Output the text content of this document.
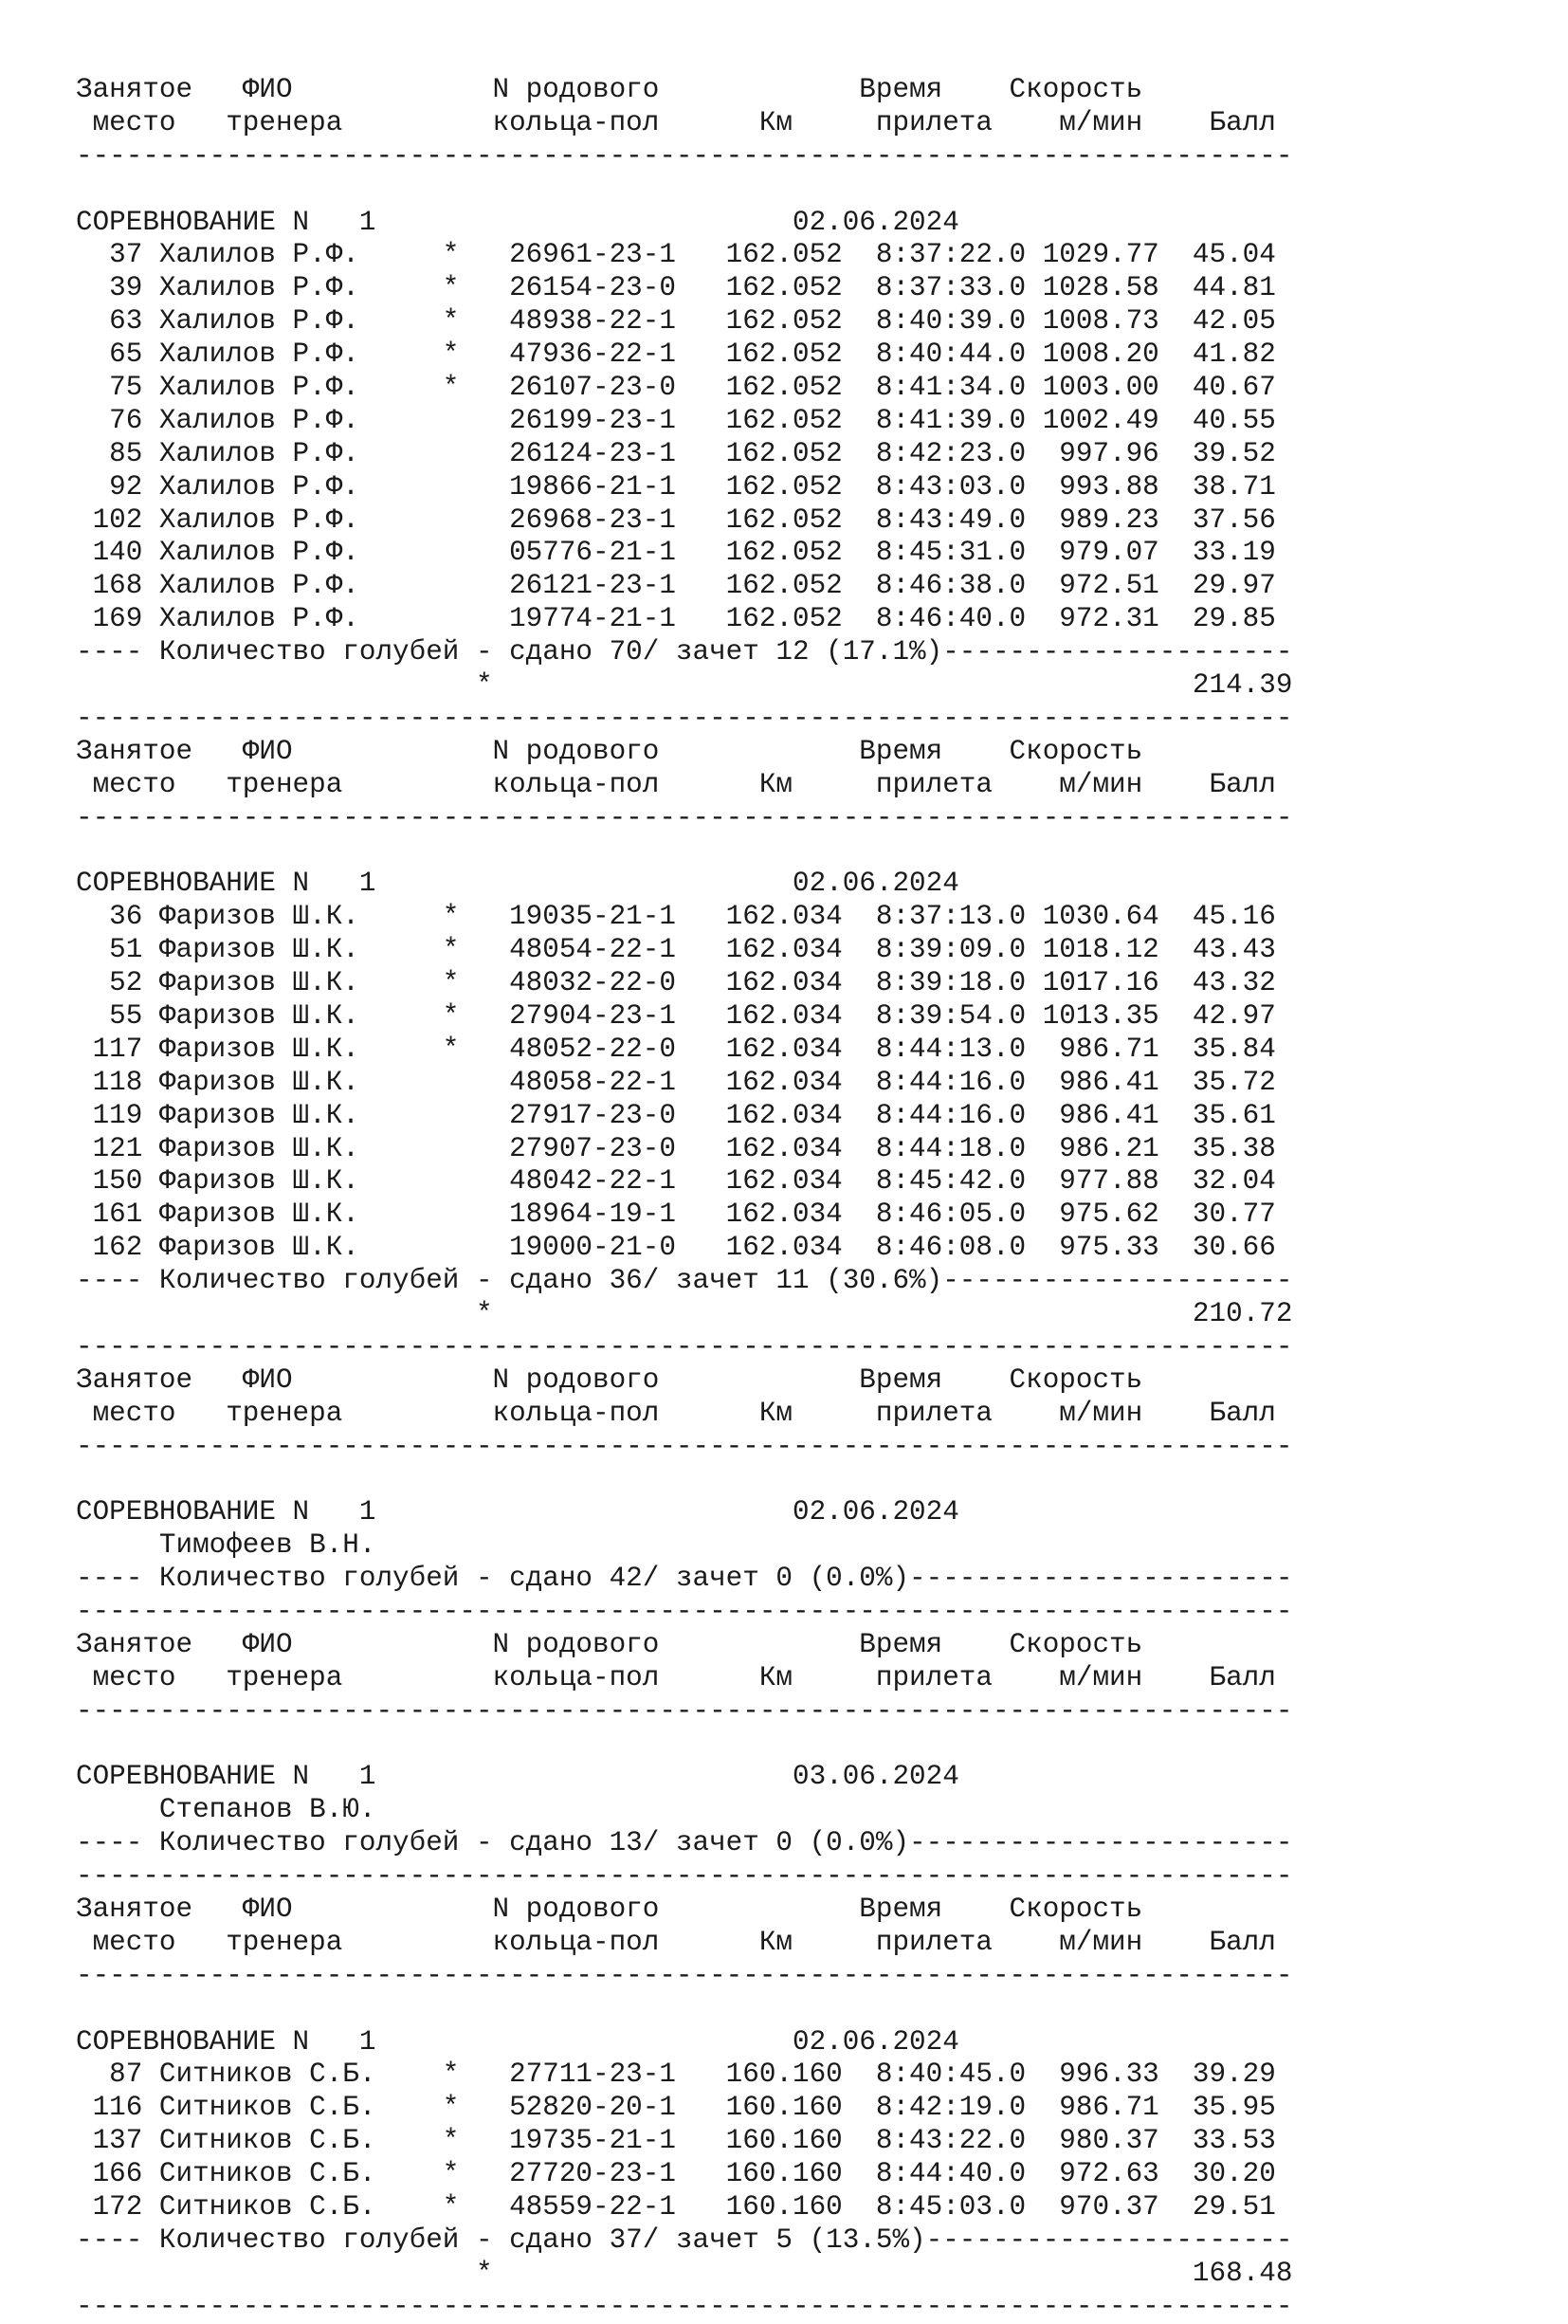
Занятое   ФИО            N родового            Время    Скорость
место   тренера         кольца-пол      Км     прилета    м/мин    Балл
-------------------------------------------------------------------------
СОРЕВНОВАНИЕ N   1                         02.06.2024
37 Халилов Р.Ф.     *   26961-23-1   162.052  8:37:22.0 1029.77  45.04
39 Халилов Р.Ф.     *   26154-23-0   162.052  8:37:33.0 1028.58  44.81
63 Халилов Р.Ф.     *   48938-22-1   162.052  8:40:39.0 1008.73  42.05
65 Халилов Р.Ф.     *   47936-22-1   162.052  8:40:44.0 1008.20  41.82
75 Халилов Р.Ф.     *   26107-23-0   162.052  8:41:34.0 1003.00  40.67
76 Халилов Р.Ф.         26199-23-1   162.052  8:41:39.0 1002.49  40.55
85 Халилов Р.Ф.         26124-23-1   162.052  8:42:23.0  997.96  39.52
92 Халилов Р.Ф.         19866-21-1   162.052  8:43:03.0  993.88  38.71
102 Халилов Р.Ф.         26968-23-1   162.052  8:43:49.0  989.23  37.56
140 Халилов Р.Ф.         05776-21-1   162.052  8:45:31.0  979.07  33.19
168 Халилов Р.Ф.         26121-23-1   162.052  8:46:38.0  972.51  29.97
169 Халилов Р.Ф.         19774-21-1   162.052  8:46:40.0  972.31  29.85
---- Количество голубей - сдано 70/ зачет 12 (17.1%)---------------------
*                                          214.39
-------------------------------------------------------------------------
Занятое   ФИО            N родового            Время    Скорость
место   тренера         кольца-пол      Км     прилета    м/мин    Балл
-------------------------------------------------------------------------
СОРЕВНОВАНИЕ N   1                         02.06.2024
36 Фаризов Ш.К.     *   19035-21-1   162.034  8:37:13.0 1030.64  45.16
51 Фаризов Ш.К.     *   48054-22-1   162.034  8:39:09.0 1018.12  43.43
52 Фаризов Ш.К.     *   48032-22-0   162.034  8:39:18.0 1017.16  43.32
55 Фаризов Ш.К.     *   27904-23-1   162.034  8:39:54.0 1013.35  42.97
117 Фаризов Ш.К.     *   48052-22-0   162.034  8:44:13.0  986.71  35.84
118 Фаризов Ш.К.         48058-22-1   162.034  8:44:16.0  986.41  35.72
119 Фаризов Ш.К.         27917-23-0   162.034  8:44:16.0  986.41  35.61
121 Фаризов Ш.К.         27907-23-0   162.034  8:44:18.0  986.21  35.38
150 Фаризов Ш.К.         48042-22-1   162.034  8:45:42.0  977.88  32.04
161 Фаризов Ш.К.         18964-19-1   162.034  8:46:05.0  975.62  30.77
162 Фаризов Ш.К.         19000-21-0   162.034  8:46:08.0  975.33  30.66
---- Количество голубей - сдано 36/ зачет 11 (30.6%)---------------------
*                                          210.72
-------------------------------------------------------------------------
Занятое   ФИО            N родового            Время    Скорость
место   тренера         кольца-пол      Км     прилета    м/мин    Балл
-------------------------------------------------------------------------
СОРЕВНОВАНИЕ N   1                         02.06.2024
Тимофеев В.Н.
---- Количество голубей - сдано 42/ зачет 0 (0.0%)-----------------------
-------------------------------------------------------------------------
Занятое   ФИО            N родового            Время    Скорость
место   тренера         кольца-пол      Км     прилета    м/мин    Балл
-------------------------------------------------------------------------
СОРЕВНОВАНИЕ N   1                         03.06.2024
Степанов В.Ю.
---- Количество голубей - сдано 13/ зачет 0 (0.0%)-----------------------
-------------------------------------------------------------------------
Занятое   ФИО            N родового            Время    Скорость
место   тренера         кольца-пол      Км     прилета    м/мин    Балл
-------------------------------------------------------------------------
СОРЕВНОВАНИЕ N   1                         02.06.2024
87 Ситников С.Б.    *   27711-23-1   160.160  8:40:45.0  996.33  39.29
116 Ситников С.Б.    *   52820-20-1   160.160  8:42:19.0  986.71  35.95
137 Ситников С.Б.    *   19735-21-1   160.160  8:43:22.0  980.37  33.53
166 Ситников С.Б.    *   27720-23-1   160.160  8:44:40.0  972.63  30.20
172 Ситников С.Б.    *   48559-22-1   160.160  8:45:03.0  970.37  29.51
---- Количество голубей - сдано 37/ зачет 5 (13.5%)----------------------
*                                          168.48
-------------------------------------------------------------------------
